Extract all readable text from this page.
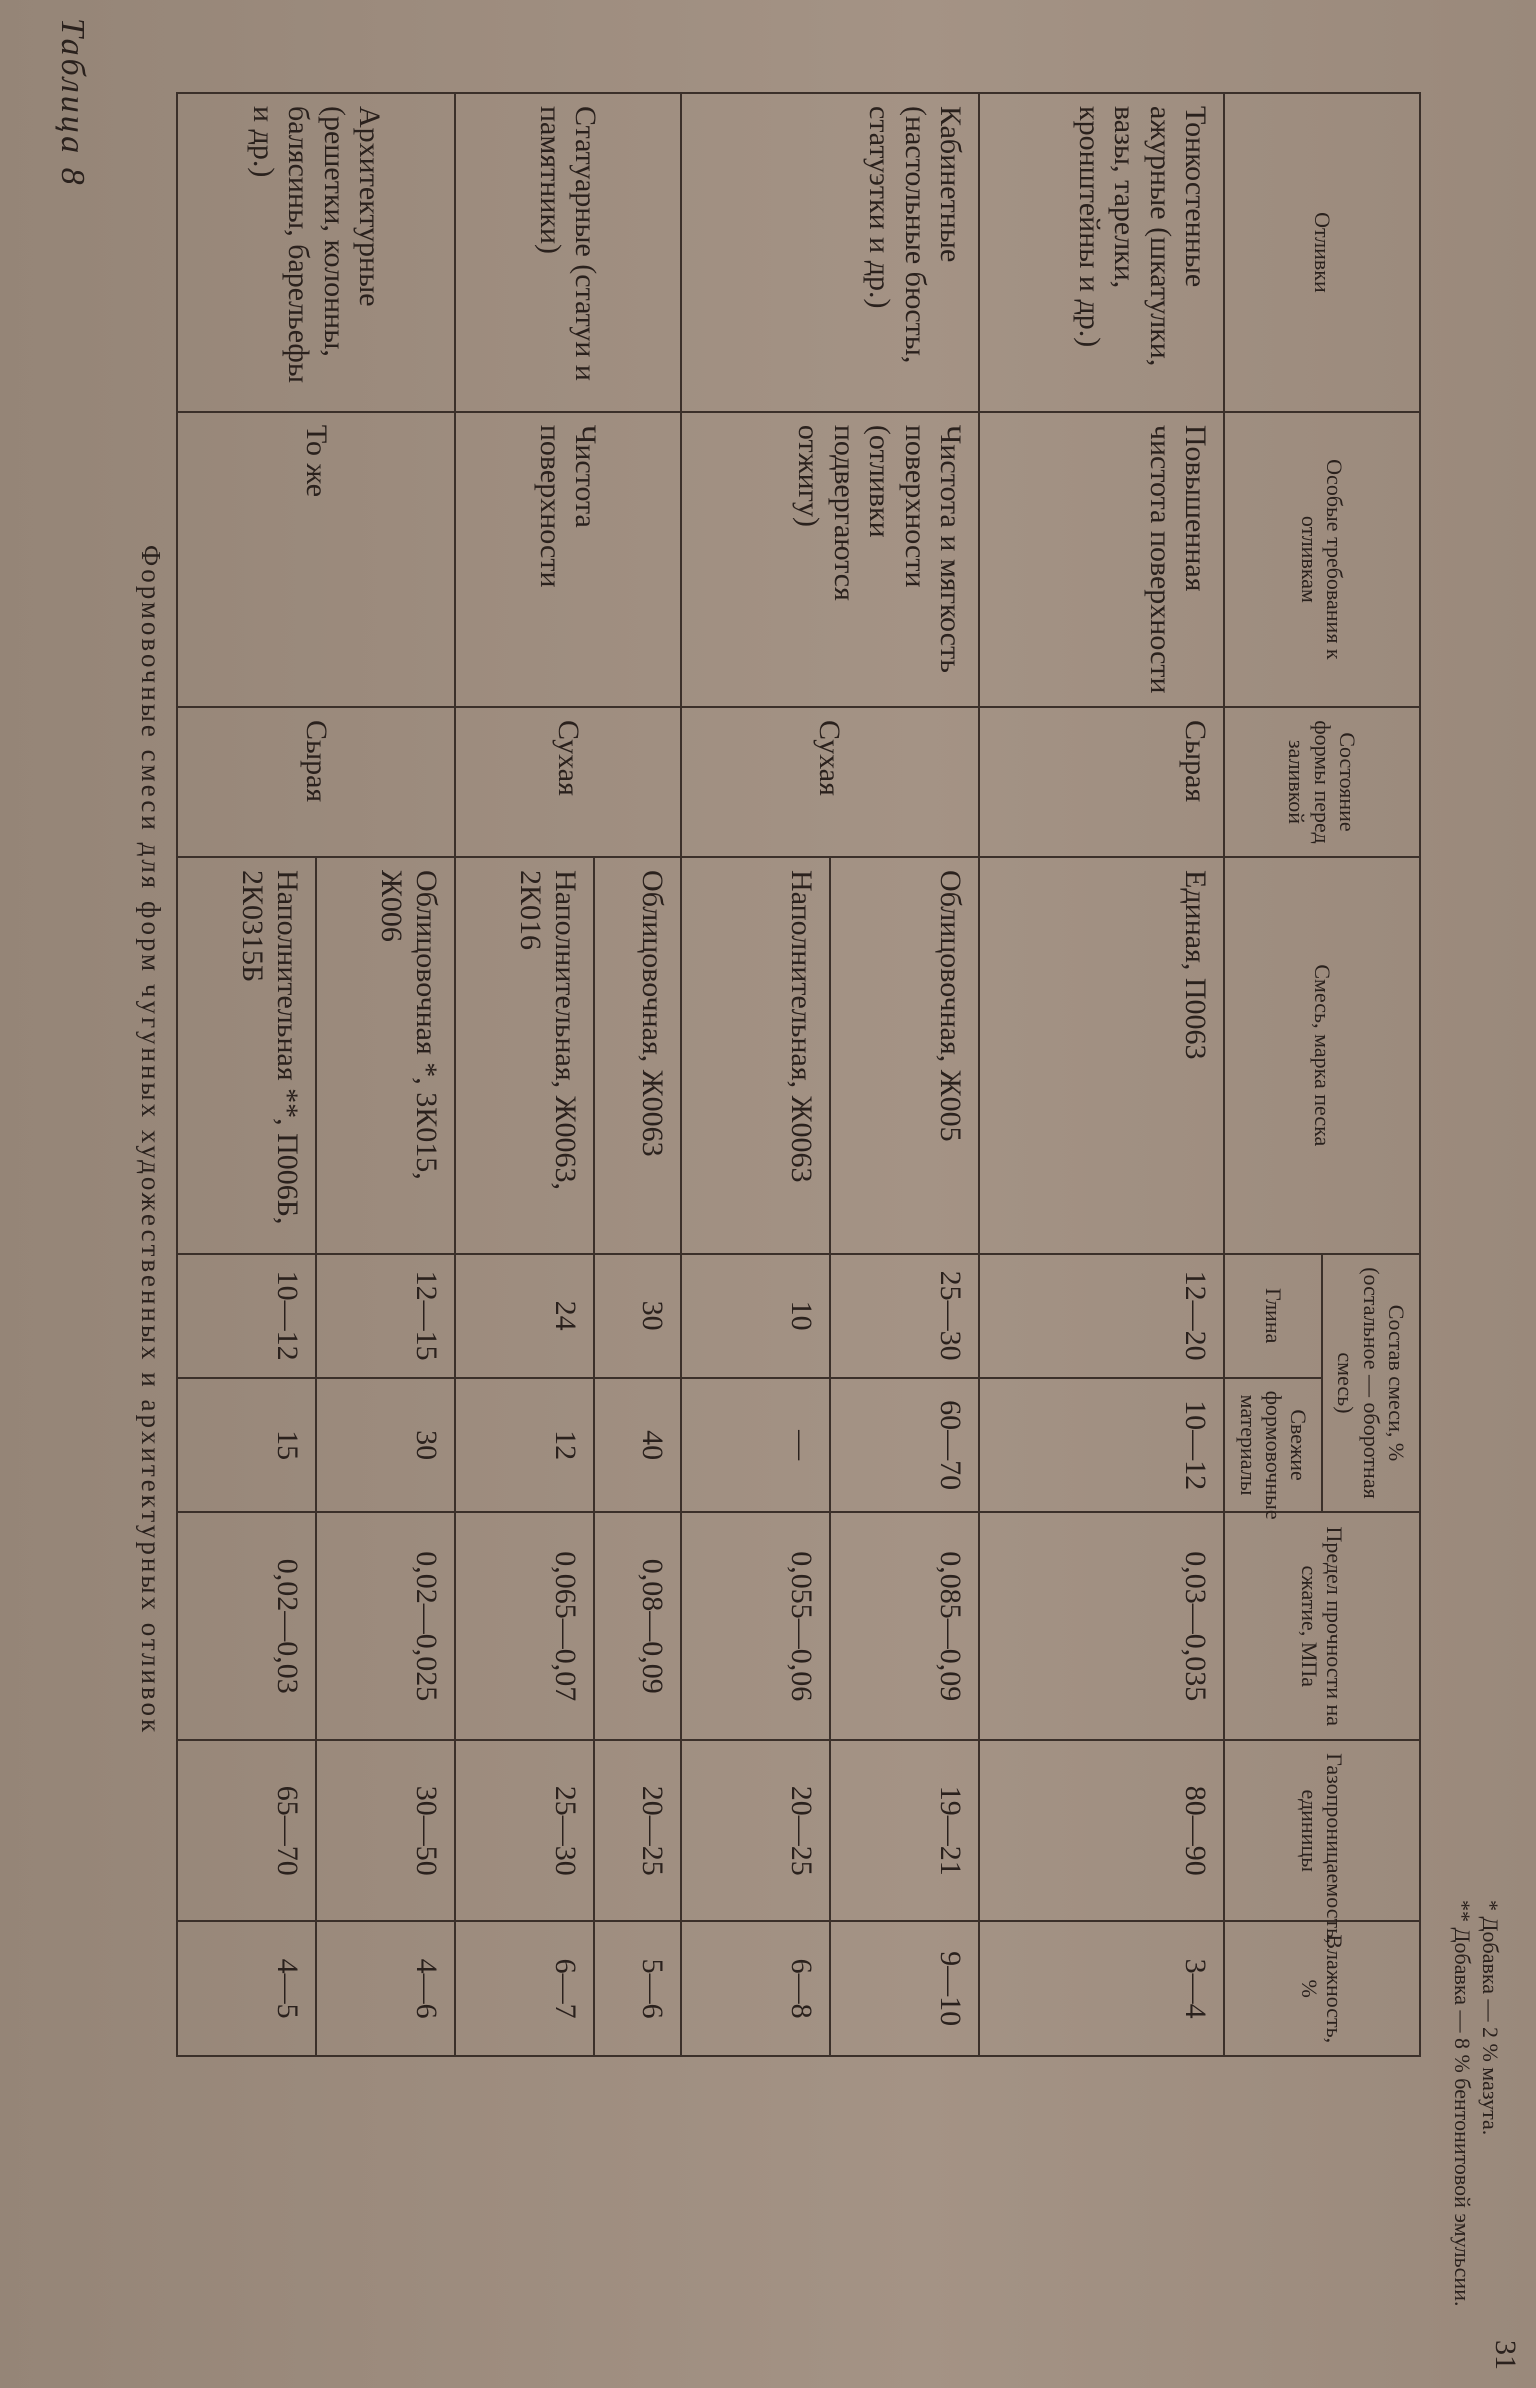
Таблица 8
Формовочные смеси для форм чугунных художественных и архитектурных отливок
Отливки	Особые требования к отливкам	Состояние формы перед заливкой	Смесь, марка песка	Состав смеси, % (остальное — оборотная смесь)		Предел прочности на сжатие, МПа	Газопроницаемость, единицы	Влажность, %
				Глина	Свежие формовочные материалы			
Тонкостенные ажурные (шкатулки, вазы, тарелки, кронштейны и др.)	Повышенная чистота поверхности	Сырая	Единая, П0063	12—20	10—12	0,03—0,035	80—90	3—4
Кабинетные (настольные бюсты, статуэтки и др.)	Чистота и мягкость поверхности (отливки подвергаются отжигу)	Сухая	Облицовочная, Ж005	25—30	60—70	0,085—0,09	19—21	9—10
			Наполнительная, Ж0063	10	—	0,055—0,06	20—25	6—8
Статуарные (статуи и памятники)	Чистота поверхности	Сухая	Облицовочная, Ж0063	30	40	0,08—0,09	20—25	5—6
			Наполнительная, Ж0063, 2К016	24	12	0,065—0,07	25—30	6—7
Архитектурные (решетки, колонны, балясины, барельефы и др.)	То же	Сырая	Облицовочная *, 3К015, Ж006	12—15	30	0,02—0,025	30—50	4—6
			Наполнительная **, П006Б, 2К0315Б	10—12	15	0,02—0,03	65—70	4—5	* Добавка — 2 % мазута.
** Добавка — 8 % бентонитовой эмульсии.
31
